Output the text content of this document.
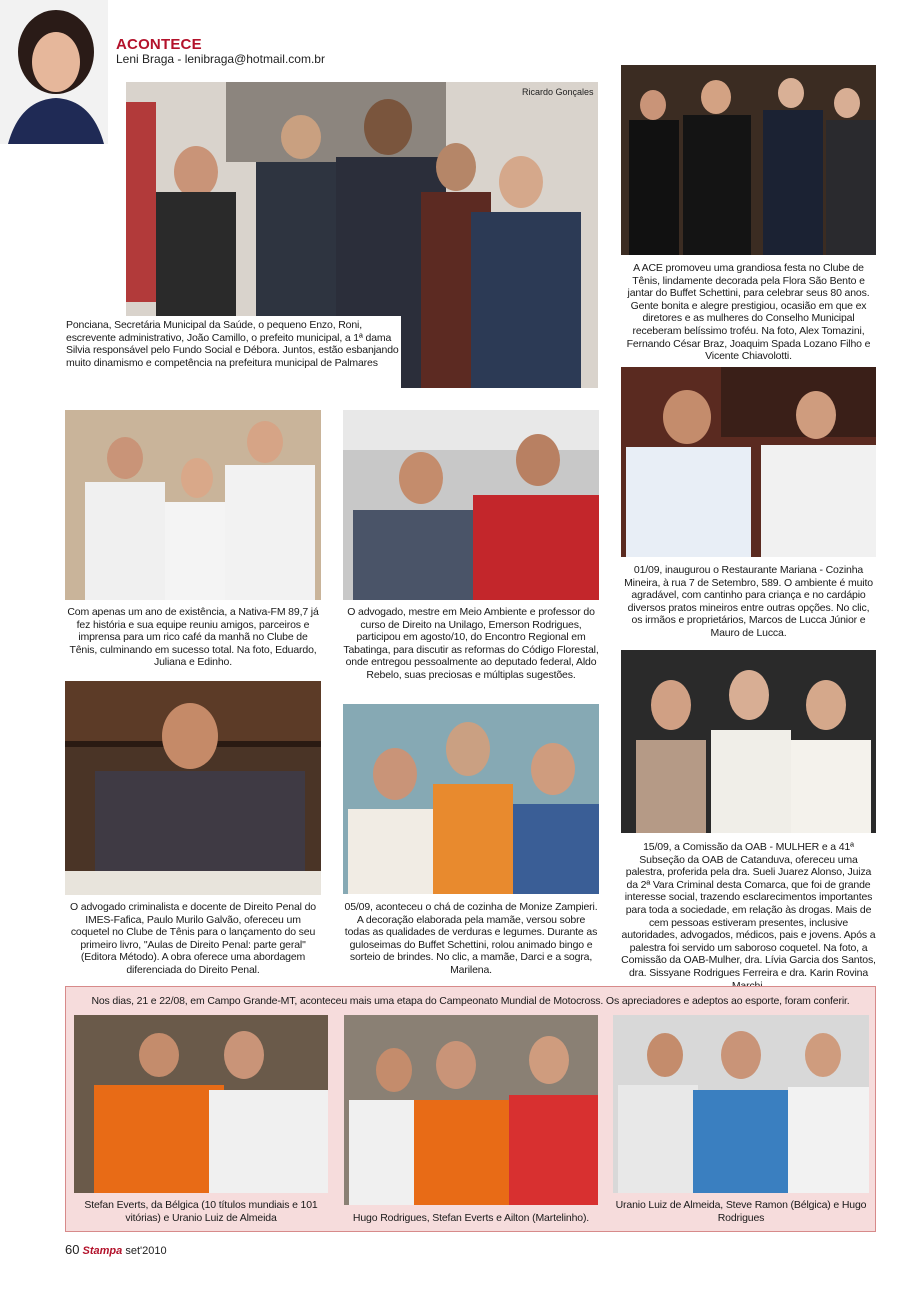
ACONTECE
Leni Braga - lenibraga@hotmail.com.br
Ricardo Gonçales
Ponciana, Secretária Municipal da Saúde, o pequeno Enzo, Roni, escrevente administrativo, João Camillo, o prefeito municipal, a 1ª dama Silvia responsável pelo Fundo Social e Débora. Juntos, estão esbanjando muito dinamismo e competência na prefeitura municipal de Palmares
A ACE promoveu uma grandiosa festa no Clube de Tênis, lindamente decorada pela Flora São Bento e jantar do Buffet Schettini, para celebrar seus 80 anos. Gente bonita e alegre prestigiou, ocasião em que ex diretores e as mulheres do Conselho Municipal receberam belíssimo troféu. Na foto, Alex Tomazini, Fernando César Braz, Joaquim Spada Lozano Filho e Vicente Chiavolotti.
Com apenas um ano de existência, a Nativa-FM 89,7 já fez história e sua equipe reuniu amigos, parceiros e imprensa para um rico café da manhã no Clube de Tênis, culminando em sucesso total. Na foto, Eduardo, Juliana e Edinho.
O advogado, mestre em Meio Ambiente e professor do curso de Direito na Unilago, Emerson Rodrigues, participou em agosto/10, do Encontro Regional em Tabatinga, para discutir as reformas do Código Florestal, onde entregou pessoalmente ao deputado federal, Aldo Rebelo, suas preciosas e múltiplas sugestões.
01/09, inaugurou o Restaurante Mariana - Cozinha Mineira, à rua 7 de Setembro, 589. O ambiente é muito agradável, com cantinho para criança e no cardápio diversos pratos mineiros entre outras opções. No clic, os irmãos e proprietários, Marcos de Lucca Júnior e Mauro de Lucca.
O advogado criminalista e docente de Direito Penal do IMES-Fafica, Paulo Murilo Galvão, ofereceu um coquetel no Clube de Tênis para o lançamento do seu primeiro livro, "Aulas de Direito Penal: parte geral" (Editora Método). A obra oferece uma abordagem diferenciada do Direito Penal.
05/09, aconteceu o chá de cozinha de Monize Zampieri. A decoração elaborada pela mamãe, versou sobre todas as qualidades de verduras e legumes. Durante as guloseimas do Buffet Schettini, rolou animado bingo e sorteio de brindes. No clic, a mamãe, Darci e a sogra, Marilena.
15/09, a Comissão da OAB - MULHER e a 41ª Subseção da OAB de Catanduva, ofereceu uma palestra, proferida pela dra. Sueli Juarez Alonso, Juiza da 2ª Vara Criminal desta Comarca, que foi de grande interesse social, trazendo esclarecimentos importantes para toda a sociedade, em relação às drogas. Mais de cem pessoas estiveram presentes, inclusive autoridades, advogados, médicos, pais e jovens. Após a palestra foi servido um saboroso coquetel. Na foto, a Comissão da OAB-Mulher, dra. Lívia Garcia dos Santos, dra. Sissyane Rodrigues Ferreira e dra. Karin Rovina
Nos dias, 21 e 22/08, em Campo Grande-MT, aconteceu mais uma etapa do Campeonato Mundial de Motocross. Os apreciadores e adeptos ao esporte, foram conferir.
Stefan Everts, da Bélgica (10 títulos mundiais e 101 vitórias) e Uranio Luiz de Almeida	Hugo Rodrigues, Stefan Everts e Ailton (Martelinho).
Uranio Luiz de Almeida, Steve Ramon (Bélgica) e Hugo Rodrigues
60 Stampa set'2010
